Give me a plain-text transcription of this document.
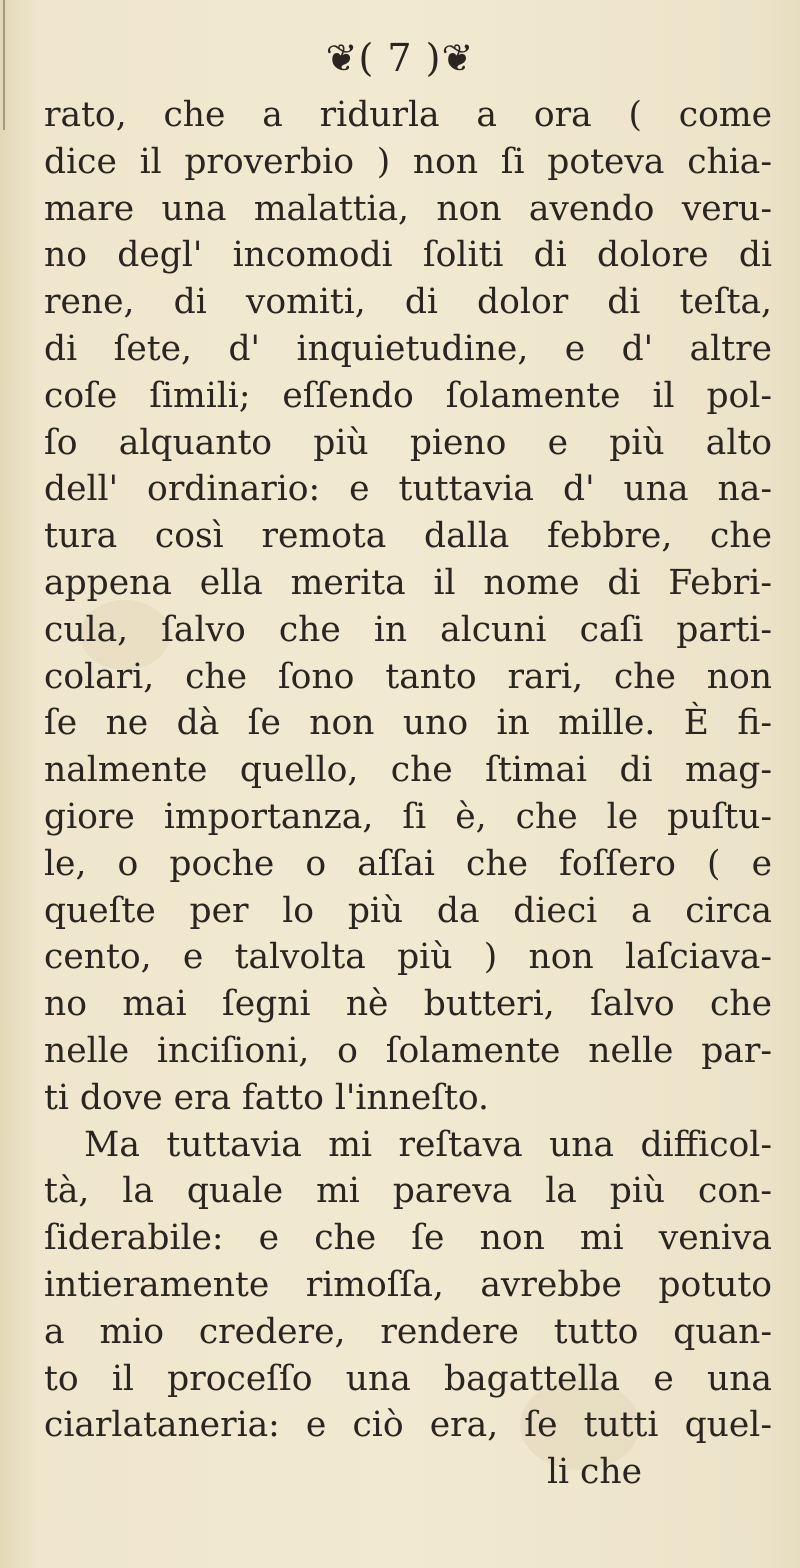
❦( 7 )❦
rato, che a ridurla a ora ( come
dice il proverbio ) non ſi poteva chia-
mare una malattia, non avendo veru-
no degl' incomodi ſoliti di dolore di
rene, di vomiti, di dolor di teſta,
di ſete, d' inquietudine, e d' altre
coſe ſimili; eſſendo ſolamente il pol-
ſo alquanto più pieno e più alto
dell' ordinario: e tuttavia d' una na-
tura così remota dalla febbre, che
appena ella merita il nome di Febri-
cula, ſalvo che in alcuni caſi parti-
colari, che ſono tanto rari, che non
ſe ne dà ſe non uno in mille. È fi-
nalmente quello, che ſtimai di mag-
giore importanza, ſi è, che le puſtu-
le, o poche o aſſai che foſſero ( e
queſte per lo più da dieci a circa
cento, e talvolta più ) non laſciava-
no mai ſegni nè butteri, ſalvo che
nelle inciſioni, o ſolamente nelle par-
ti dove era fatto l'inneſto.
Ma tuttavia mi reſtava una difficol-
tà, la quale mi pareva la più con-
ſiderabile: e che ſe non mi veniva
intieramente rimoſſa, avrebbe potuto
a mio credere, rendere tutto quan-
to il proceſſo una bagattella e una
ciarlataneria: e ciò era, ſe tutti quel-
li che
